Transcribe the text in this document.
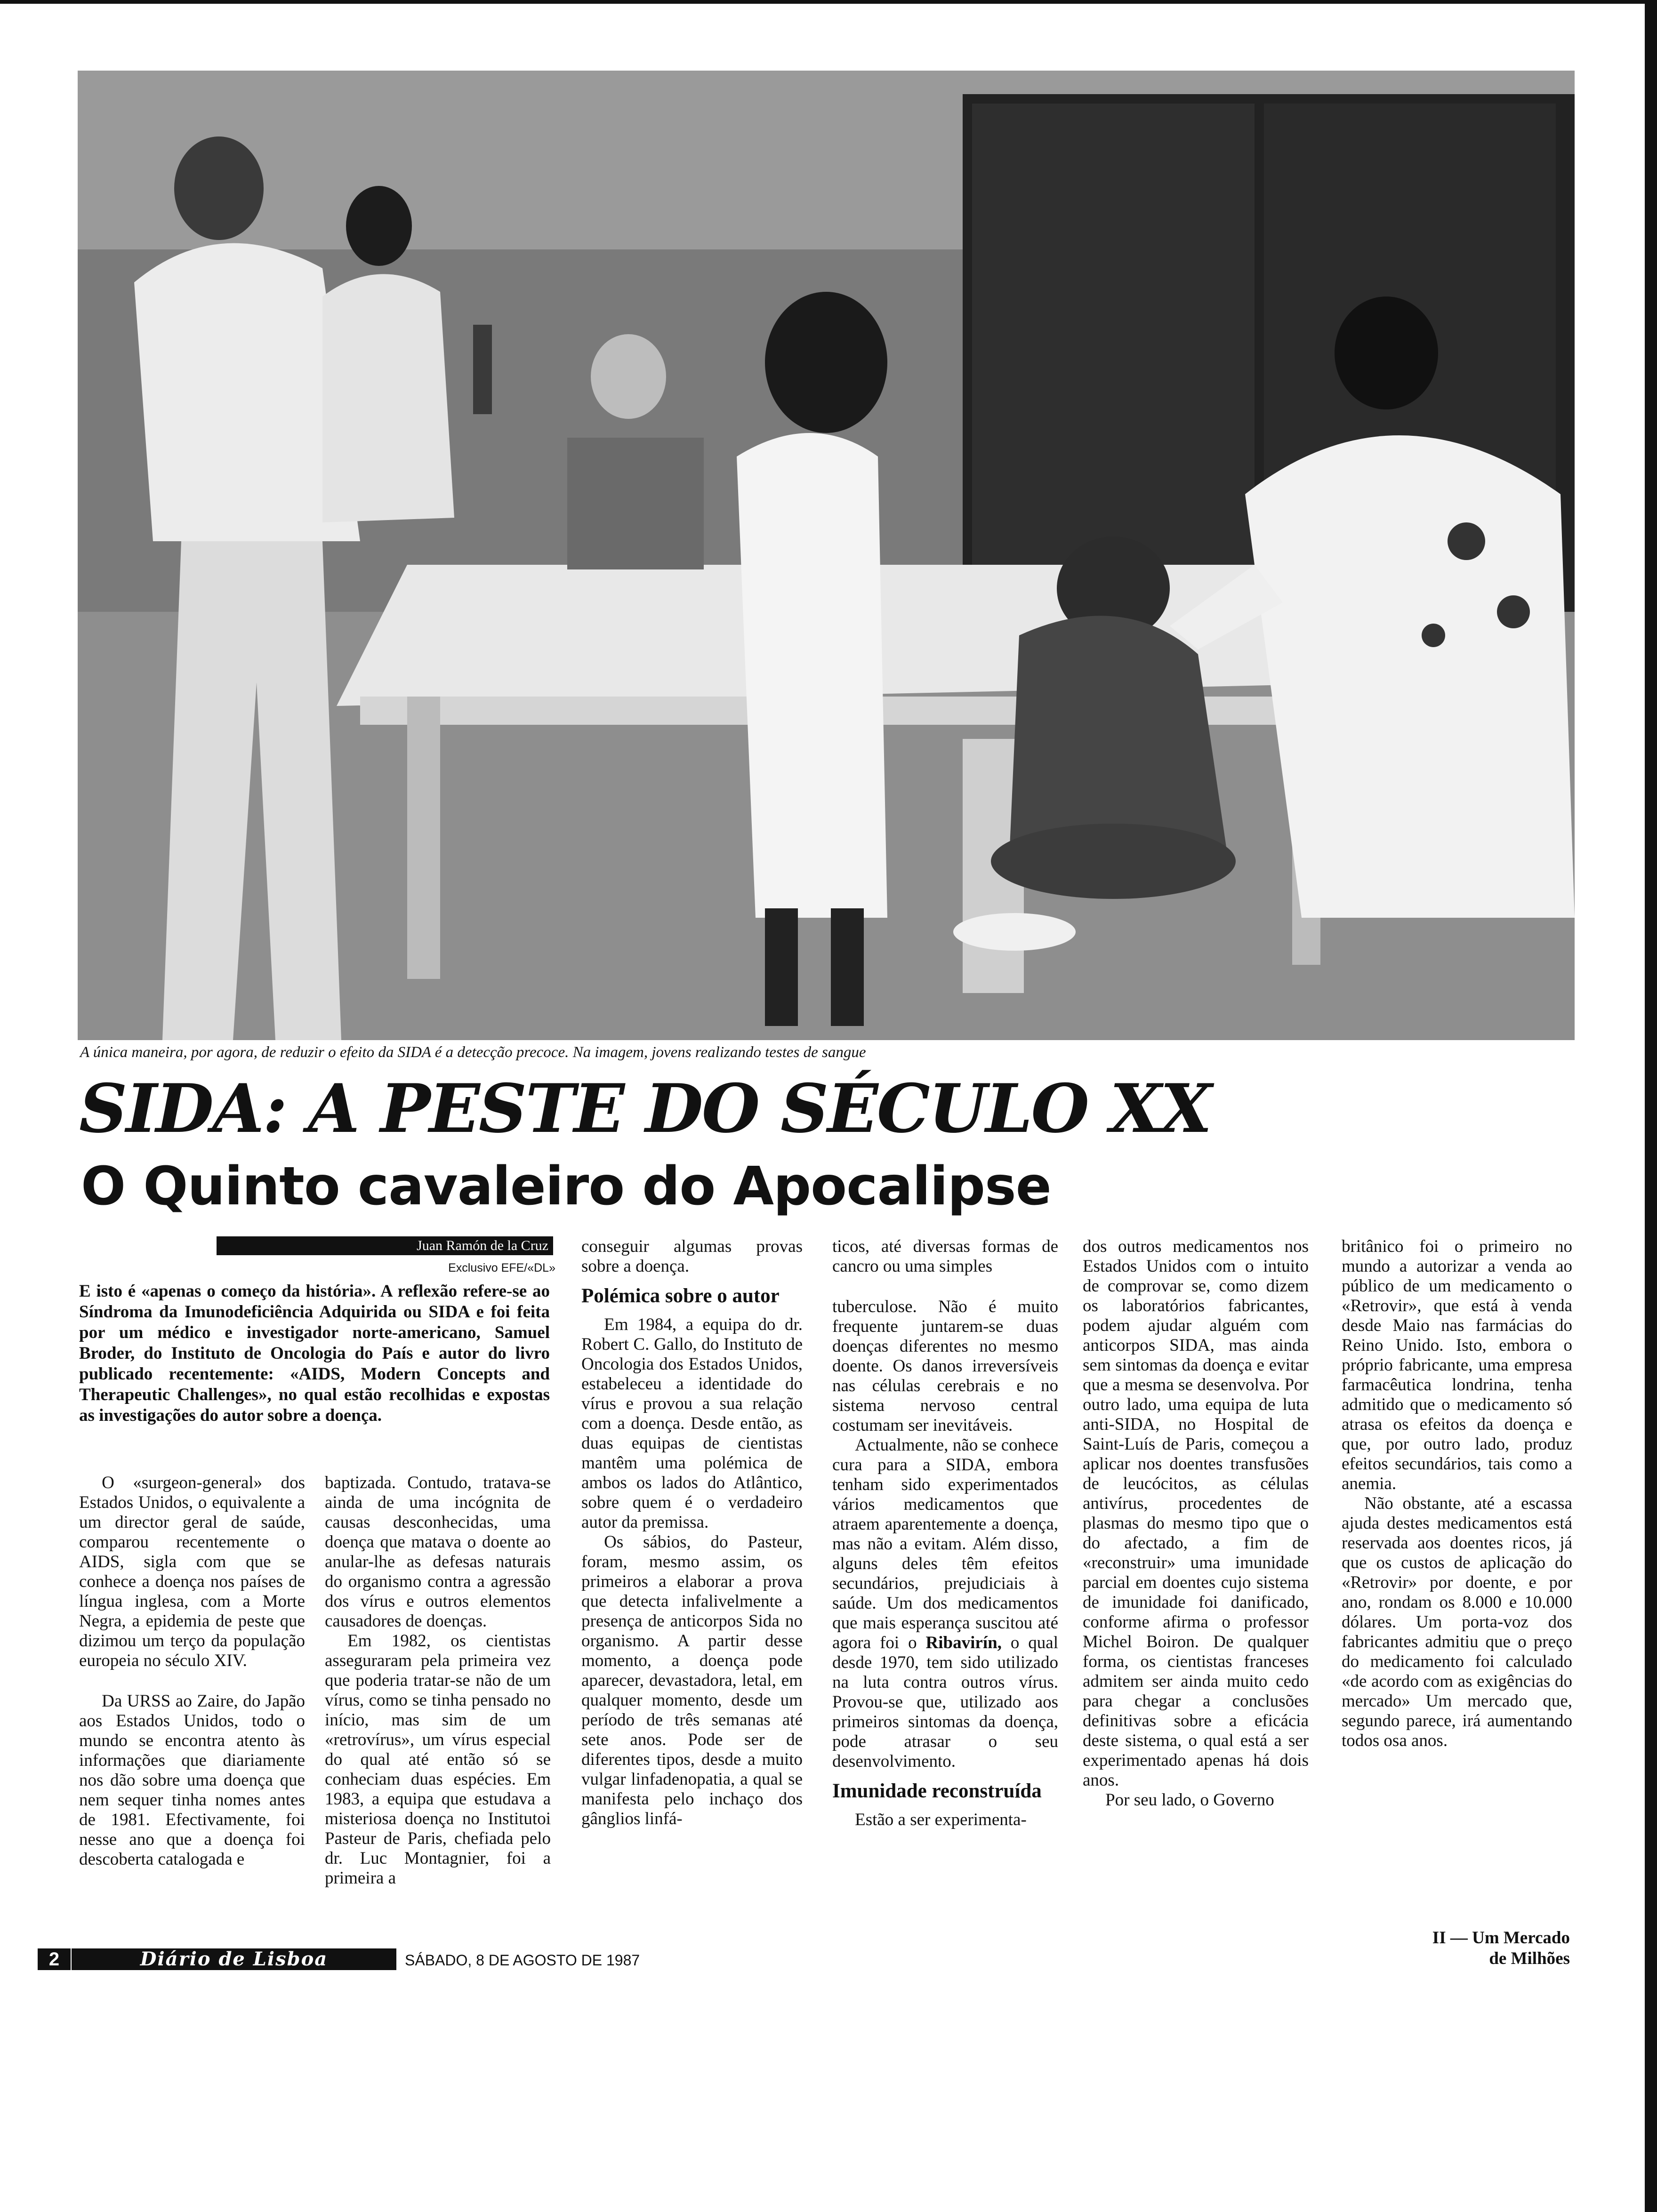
A única maneira, por agora, de reduzir o efeito da SIDA é a detecção precoce. Na imagem, jovens realizando testes de sangue
SIDA: A PESTE DO SÉCULO XX
O Quinto cavaleiro do Apocalipse
Juan Ramón de la Cruz
Exclusivo EFE/«DL»

E isto é «apenas o começo da história». A reflexão refere-se ao Síndroma da Imunodeficiência Adquirida ou SIDA e foi feita por um médico e investigador norte-americano, Samuel Broder, do Instituto de Oncologia do País e autor do livro publicado recentemente: «AIDS, Modern Concepts and Therapeutic Challenges», no qual estão recolhidas e expostas as investigações do autor sobre a doença.

O «surgeon-general» dos Estados Unidos, o equivalente a um director geral de saúde, comparou recentemente o AIDS, sigla com que se conhece a doença nos países de língua inglesa, com a Morte Negra, a epidemia de peste que dizimou um terço da população europeia no século XIV.

Da URSS ao Zaire, do Japão aos Estados Unidos, todo o mundo se encontra atento às informações que diariamente nos dão sobre uma doença que nem sequer tinha nomes antes de 1981. Efectivamente, foi nesse ano que a doença foi descoberta catalogada e

baptizada. Contudo, tratava-se ainda de uma incógnita de causas desconhecidas, uma doença que matava o doente ao anular-lhe as defesas naturais do organismo contra a agressão dos vírus e outros elementos causadores de doenças.

Em 1982, os cientistas asseguraram pela primeira vez que poderia tratar-se não de um vírus, como se tinha pensado no início, mas sim de um «retrovírus», um vírus especial do qual até então só se conheciam duas espécies. Em 1983, a equipa que estudava a misteriosa doença no Institutoi Pasteur de Paris, chefiada pelo dr. Luc Montagnier, foi a primeira a

conseguir algumas provas sobre a doença.

Polémica sobre o autor

Em 1984, a equipa do dr. Robert C. Gallo, do Instituto de Oncologia dos Estados Unidos, estabeleceu a identidade do vírus e provou a sua relação com a doença. Desde então, as duas equipas de cientistas mantêm uma polémica de ambos os lados do Atlântico, sobre quem é o verdadeiro autor da premissa.

Os sábios, do Pasteur, foram, mesmo assim, os primeiros a elaborar a prova que detecta infalivelmente a presença de anticorpos Sida no organismo. A partir desse momento, a doença pode aparecer, devastadora, letal, em qualquer momento, desde um período de três semanas até sete anos. Pode ser de diferentes tipos, desde a muito vulgar linfadenopatia, a qual se manifesta pelo inchaço dos gânglios linfá-

ticos, até diversas formas de cancro ou uma simples

tuberculose. Não é muito frequente juntarem-se duas doenças diferentes no mesmo doente. Os danos irreversíveis nas células cerebrais e no sistema nervoso central costumam ser inevitáveis.

Actualmente, não se conhece cura para a SIDA, embora tenham sido experimentados vários medicamentos que atraem aparentemente a doença, mas não a evitam. Além disso, alguns deles têm efeitos secundários, prejudiciais à saúde. Um dos medicamentos que mais esperança suscitou até agora foi o Ribavirín, o qual desde 1970, tem sido utilizado na luta contra outros vírus. Provou-se que, utilizado aos primeiros sintomas da doença, pode atrasar o seu desenvolvimento.

Imunidade reconstruída

Estão a ser experimenta-

dos outros medicamentos nos Estados Unidos com o intuito de comprovar se, como dizem os laboratórios fabricantes, podem ajudar alguém com anticorpos SIDA, mas ainda sem sintomas da doença e evitar que a mesma se desenvolva. Por outro lado, uma equipa de luta anti-SIDA, no Hospital de Saint-Luís de Paris, começou a aplicar nos doentes transfusões de leucócitos, as células antivírus, procedentes de plasmas do mesmo tipo que o do afectado, a fim de «reconstruir» uma imunidade parcial em doentes cujo sistema de imunidade foi danificado, conforme afirma o professor Michel Boiron. De qualquer forma, os cientistas franceses admitem ser ainda muito cedo para chegar a conclusões definitivas sobre a eficácia deste sistema, o qual está a ser experimentado apenas há dois anos.

Por seu lado, o Governo

britânico foi o primeiro no mundo a autorizar a venda ao público de um medicamento o «Retrovir», que está à venda desde Maio nas farmácias do Reino Unido. Isto, embora o próprio fabricante, uma empresa farmacêutica londrina, tenha admitido que o medicamento só atrasa os efeitos da doença e que, por outro lado, produz efeitos secundários, tais como a anemia.

Não obstante, até a escassa ajuda destes medicamentos está reservada aos doentes ricos, já que os custos de aplicação do «Retrovir» por doente, e por ano, rondam os 8.000 e 10.000 dólares. Um porta-voz dos fabricantes admitiu que o preço do medicamento foi calculado «de acordo com as exigências do mercado» Um mercado que, segundo parece, irá aumentando todos osa anos.

II — Um Mercado
de Milhões
2	Diário de Lisboa	SÁBADO, 8 DE AGOSTO DE 1987
